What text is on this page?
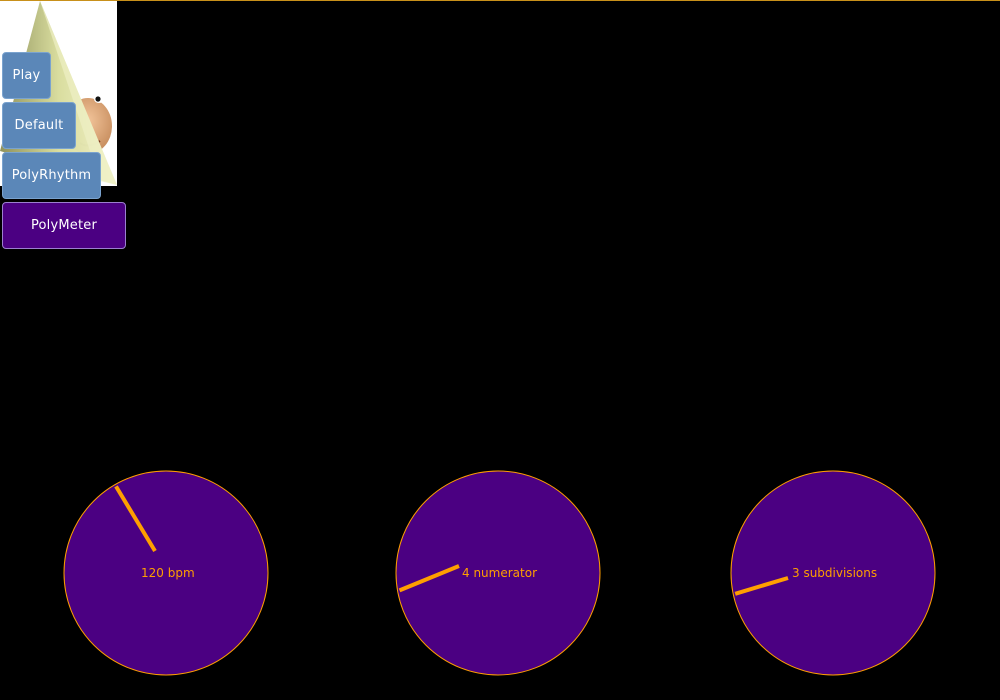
Play
Default
PolyRhythm
PolyMeter
120 bpm	4 numerator	3 subdivisions
